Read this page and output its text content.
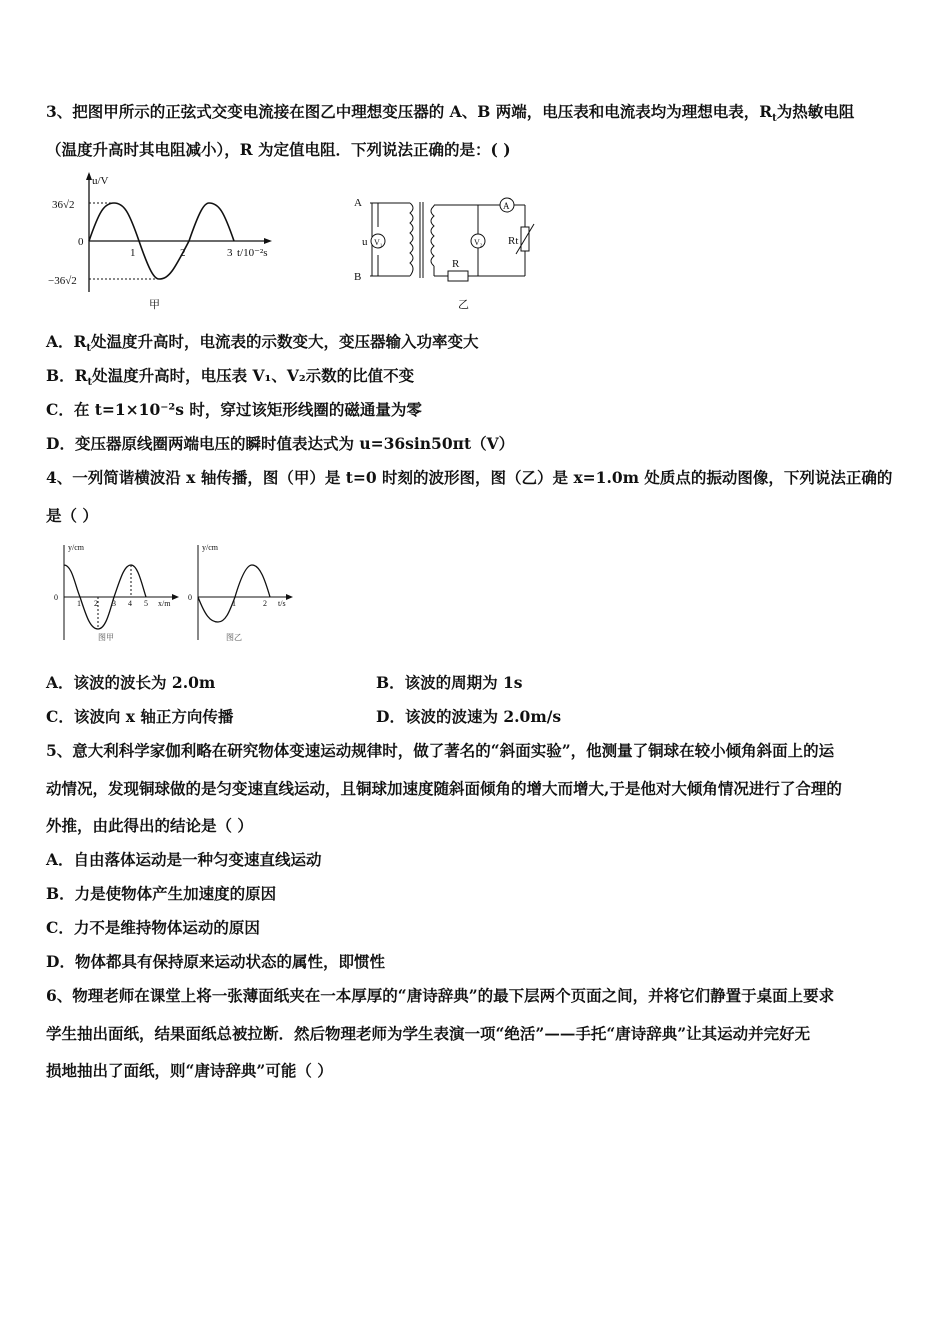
3、把图甲所示的正弦式交变电流接在图乙中理想变压器的 A、B 两端，电压表和电流表均为理想电表，$R_t$为热敏电阻
（温度升高时其电阻减小），R 为定值电阻．下列说法正确的是：( )
u/V
36√2
−36√2
0
1	2	3 t/10⁻²s
甲
V₁	V₂
A
A
B
u
R
Rt
乙
A．$R_t$处温度升高时，电流表的示数变大，变压器输入功率变大
B．$R_t$处温度升高时，电压表 V₁、V₂示数的比值不变
C．在 t=1×10⁻²s 时，穿过该矩形线圈的磁通量为零
D．变压器原线圈两端电压的瞬时值表达式为 u=36sin50πt（V）
4、一列简谐横波沿 x 轴传播，图（甲）是 t=0 时刻的波形图，图（乙）是 x=1.0m 处质点的振动图像，下列说法正确的
是（ ）
y/cm
0
1 2 3 4 5 x/m
图甲
y/cm
0
1	2 t/s
图乙
A．该波的波长为 2.0m	B．该波的周期为 1s
C．该波向 x 轴正方向传播	D．该波的波速为 2.0m/s
5、意大利科学家伽利略在研究物体变速运动规律时，做了著名的“斜面实验”，他测量了铜球在较小倾角斜面上的运
动情况，发现铜球做的是匀变速直线运动，且铜球加速度随斜面倾角的增大而增大,于是他对大倾角情况进行了合理的
外推，由此得出的结论是（ ）
A．自由落体运动是一种匀变速直线运动
B．力是使物体产生加速度的原因
C．力不是维持物体运动的原因
D．物体都具有保持原来运动状态的属性，即惯性
6、物理老师在课堂上将一张薄面纸夹在一本厚厚的“唐诗辞典”的最下层两个页面之间，并将它们静置于桌面上要求
学生抽出面纸，结果面纸总被拉断．然后物理老师为学生表演一项“绝活”——手托“唐诗辞典”让其运动并完好无
损地抽出了面纸，则“唐诗辞典”可能（ ）
